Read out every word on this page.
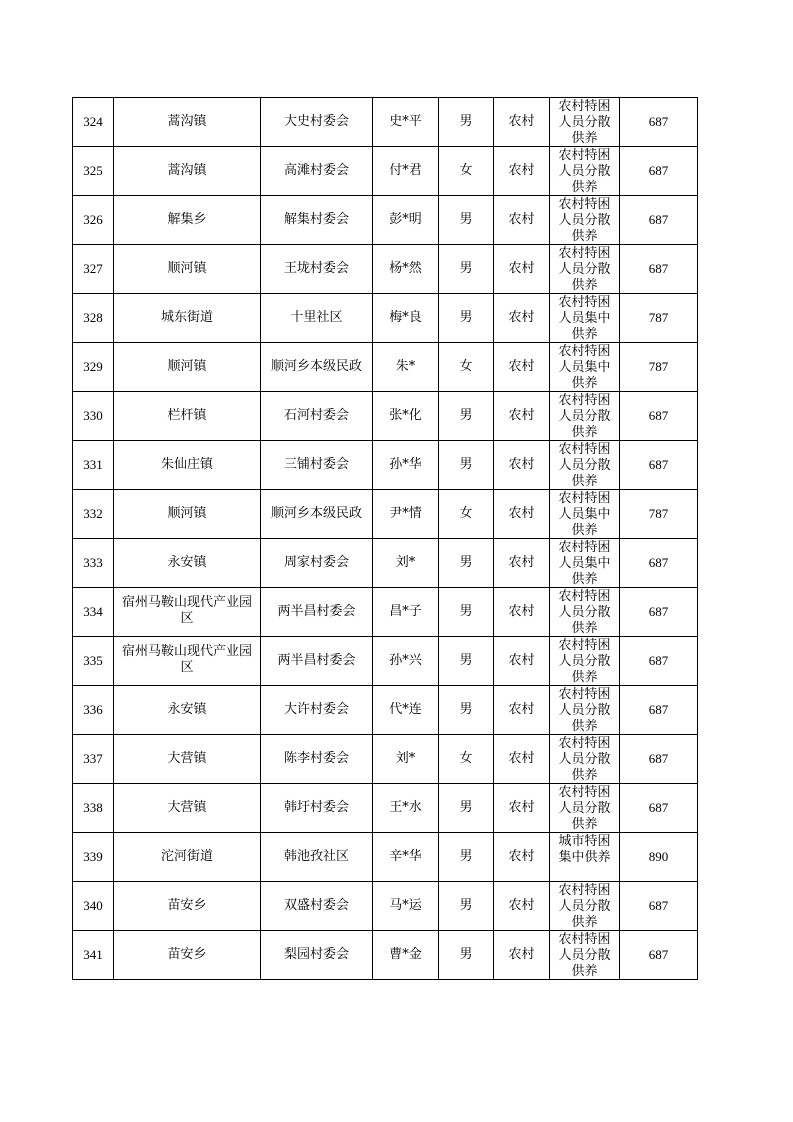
324	蒿沟镇	大史村委会	史*平	男	农村	农村特困人员分散供养	687
325	蒿沟镇	高滩村委会	付*君	女	农村	农村特困人员分散供养	687
326	解集乡	解集村委会	彭*明	男	农村	农村特困人员分散供养	687
327	顺河镇	王垅村委会	杨*然	男	农村	农村特困人员分散供养	687
328	城东街道	十里社区	梅*良	男	农村	农村特困人员集中供养	787
329	顺河镇	顺河乡本级民政	朱*	女	农村	农村特困人员集中供养	787
330	栏杆镇	石河村委会	张*化	男	农村	农村特困人员分散供养	687
331	朱仙庄镇	三铺村委会	孙*华	男	农村	农村特困人员分散供养	687
332	顺河镇	顺河乡本级民政	尹*情	女	农村	农村特困人员集中供养	787
333	永安镇	周家村委会	刘*	男	农村	农村特困人员集中供养	687
334	宿州马鞍山现代产业园区	两半昌村委会	昌*子	男	农村	农村特困人员分散供养	687
335	宿州马鞍山现代产业园区	两半昌村委会	孙*兴	男	农村	农村特困人员分散供养	687
336	永安镇	大许村委会	代*连	男	农村	农村特困人员分散供养	687
337	大营镇	陈李村委会	刘*	女	农村	农村特困人员分散供养	687
338	大营镇	韩圩村委会	王*水	男	农村	农村特困人员分散供养	687
339	沱河街道	韩池孜社区	辛*华	男	农村	城市特困集中供养	890
340	苗安乡	双盛村委会	马*运	男	农村	农村特困人员分散供养	687
341	苗安乡	梨园村委会	曹*金	男	农村	农村特困人员分散供养	687
